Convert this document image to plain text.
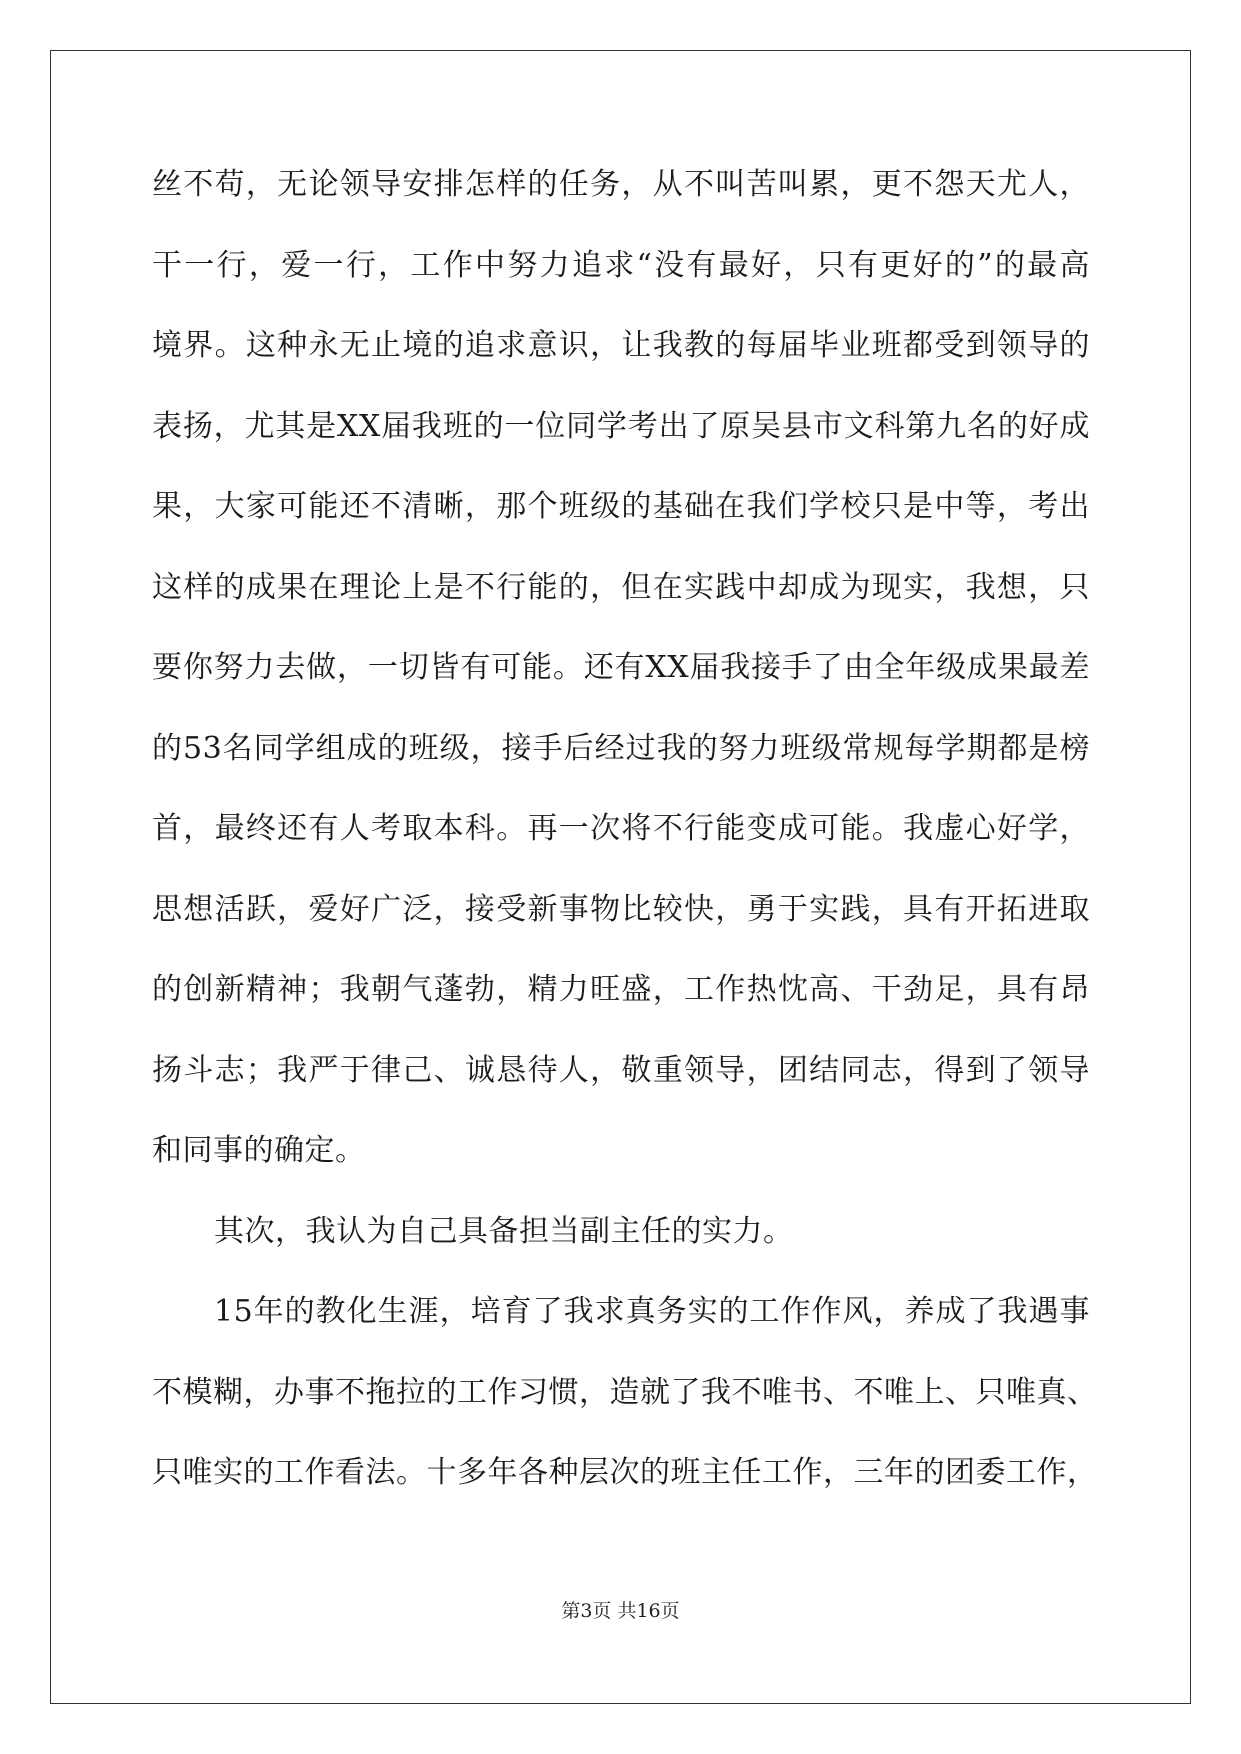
丝不苟，无论领导安排怎样的任务，从不叫苦叫累，更不怨天尤人，
干一行，爱一行，工作中努力追求“没有最好，只有更好的”的最高
境界。这种永无止境的追求意识，让我教的每届毕业班都受到领导的
表扬，尤其是XX届我班的一位同学考出了原吴县市文科第九名的好成
果，大家可能还不清晰，那个班级的基础在我们学校只是中等，考出
这样的成果在理论上是不行能的，但在实践中却成为现实，我想，只
要你努力去做，一切皆有可能。还有XX届我接手了由全年级成果最差
的53名同学组成的班级，接手后经过我的努力班级常规每学期都是榜
首，最终还有人考取本科。再一次将不行能变成可能。我虚心好学，
思想活跃，爱好广泛，接受新事物比较快，勇于实践，具有开拓进取
的创新精神；我朝气蓬勃，精力旺盛，工作热忱高、干劲足，具有昂
扬斗志；我严于律己、诚恳待人，敬重领导，团结同志，得到了领导
和同事的确定。
其次，我认为自己具备担当副主任的实力。
15年的教化生涯，培育了我求真务实的工作作风，养成了我遇事
不模糊，办事不拖拉的工作习惯，造就了我不唯书、不唯上、只唯真、
只唯实的工作看法。十多年各种层次的班主任工作，三年的团委工作，
第3页 共16页
